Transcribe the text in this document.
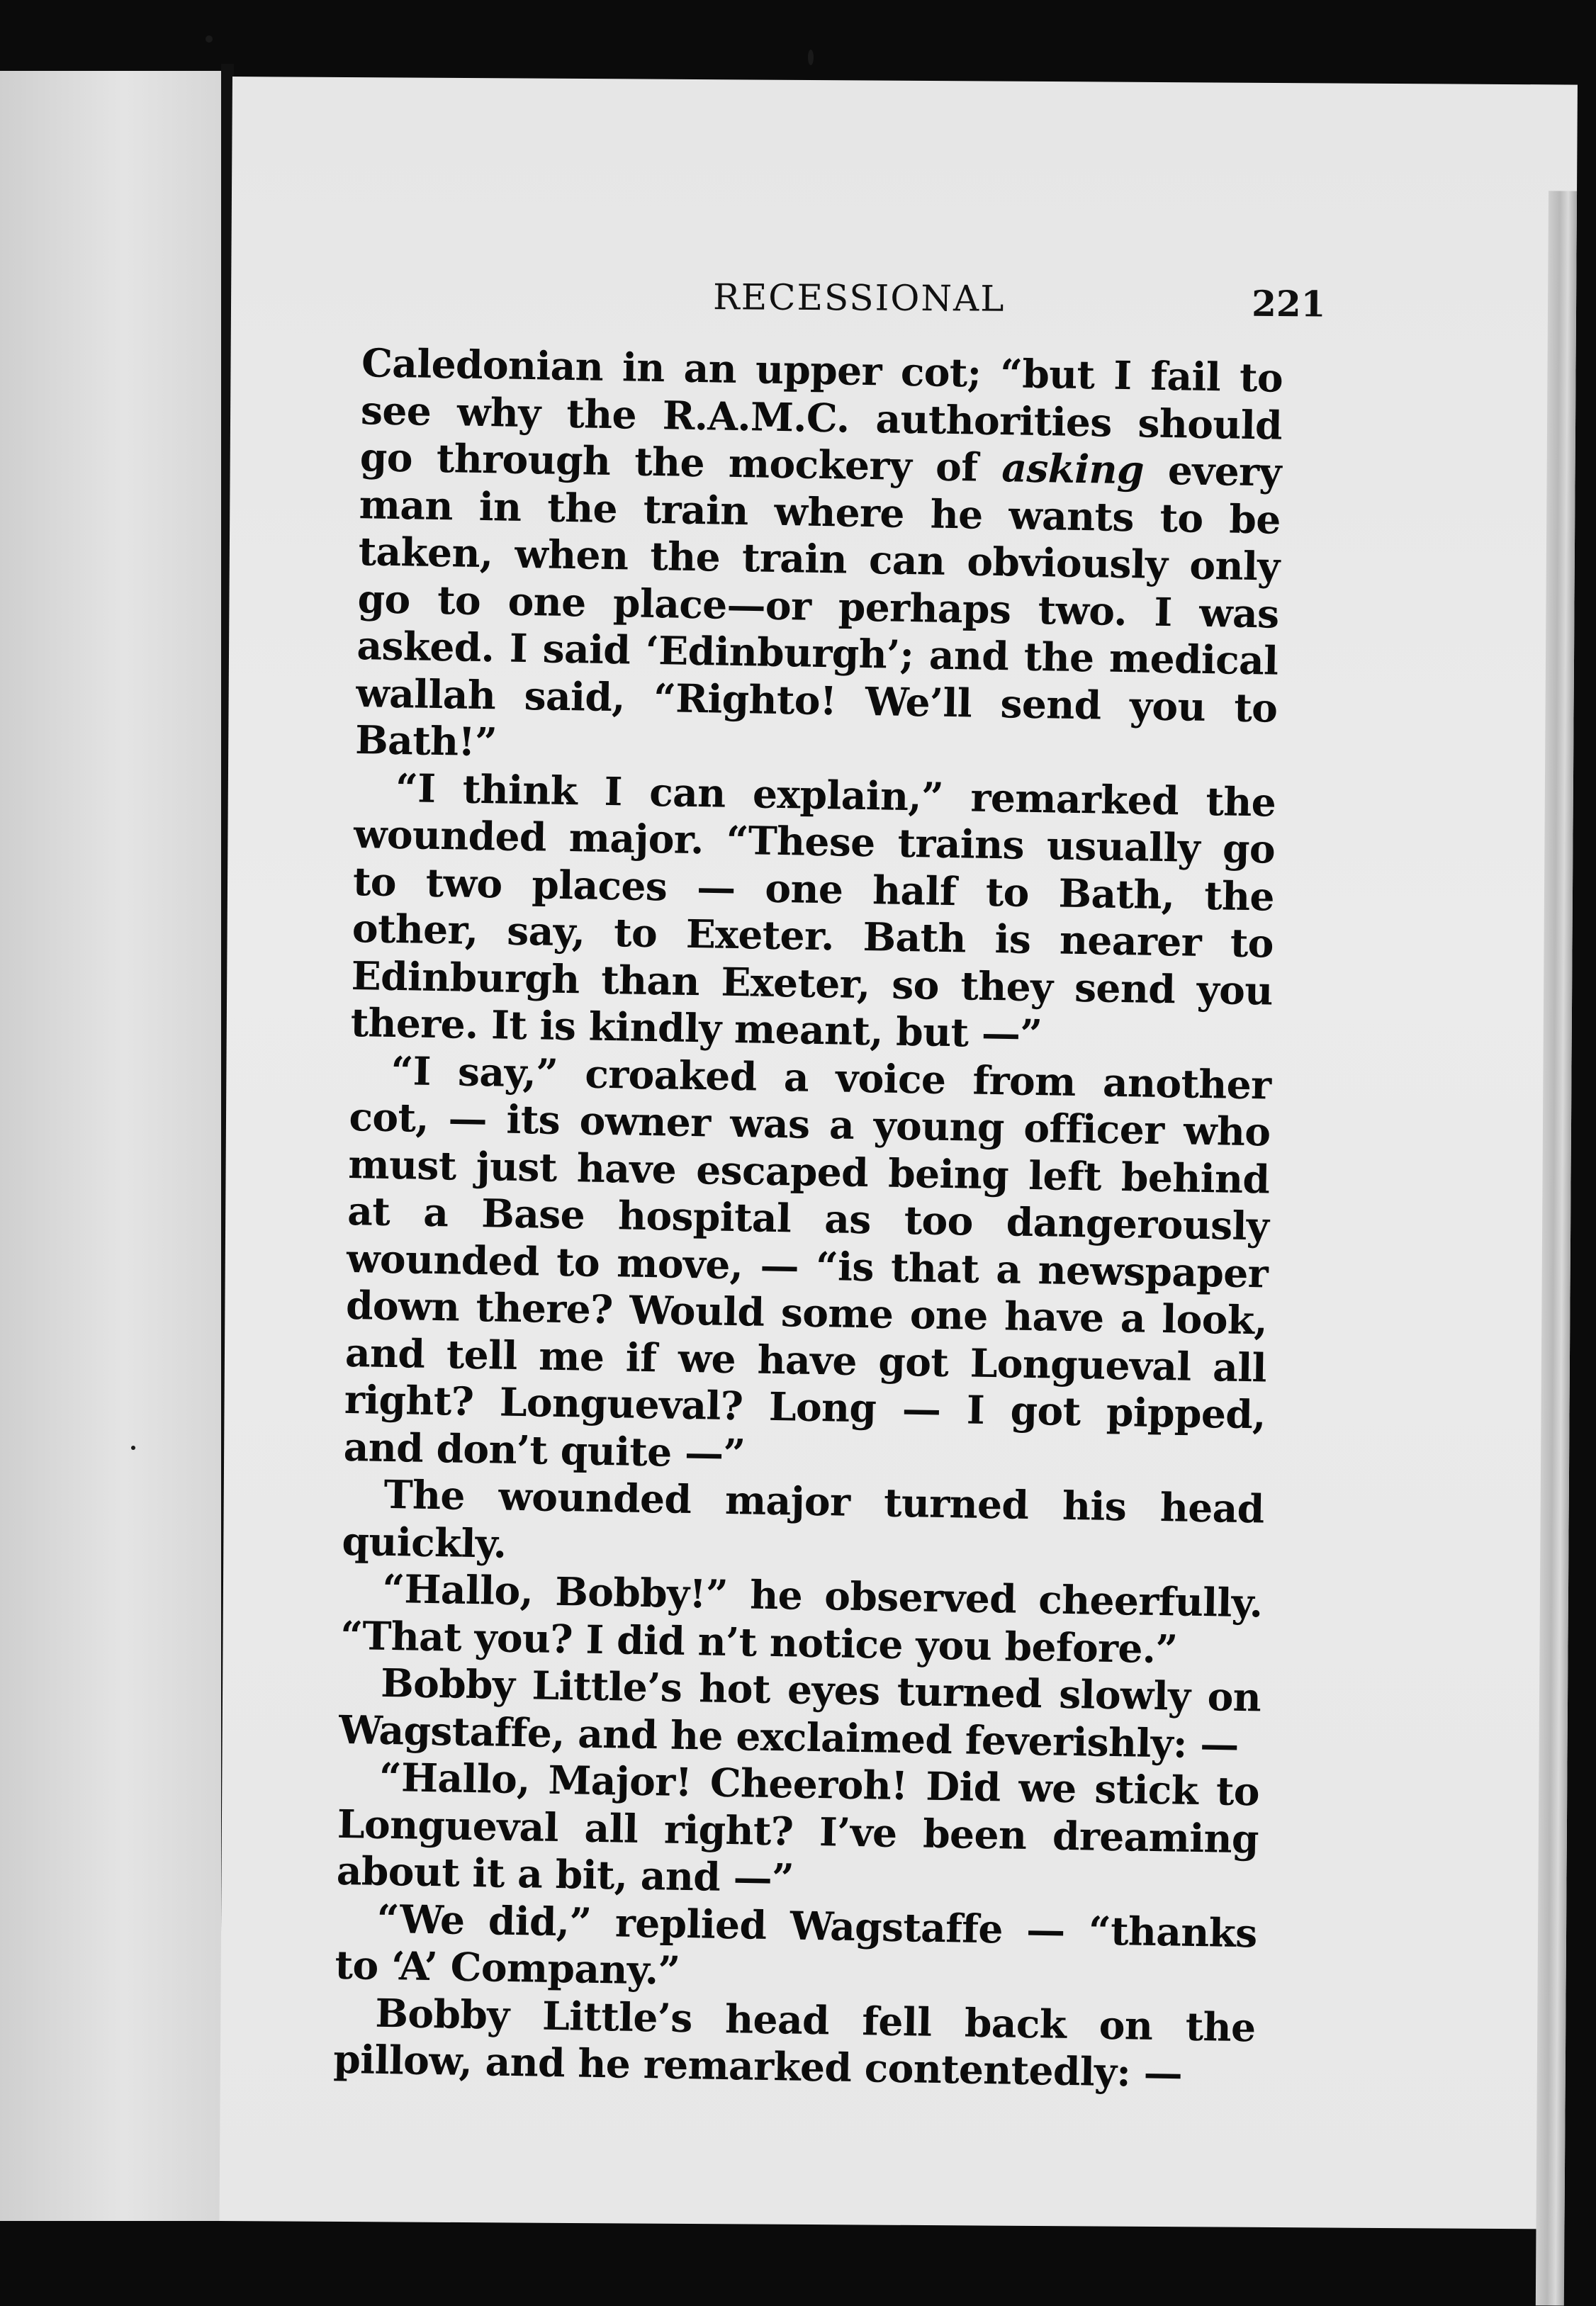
RECESSIONAL	221

Caledonian in an upper cot; “but I fail to see why the R.A.M.C. authorities should go through the mockery of asking every man in the train where he wants to be taken, when the train can obviously only go to one place—or perhaps two. I was asked. I said ‘Edinburgh’; and the medical wallah said, “Righto! We’ll send you to Bath!”

“I think I can explain,” remarked the wounded major. “These trains usually go to two places — one half to Bath, the other, say, to Exeter. Bath is nearer to Edinburgh than Exeter, so they send you there. It is kindly meant, but —”

“I say,” croaked a voice from another cot, — its owner was a young officer who must just have escaped being left behind at a Base hospital as too dangerously wounded to move, — “is that a newspaper down there? Would some one have a look, and tell me if we have got Longueval all right? Longueval? Long — I got pipped, and don’t quite —”

The wounded major turned his head quickly.

“Hallo, Bobby!” he observed cheerfully. “That you? I did n’t notice you before.”

Bobby Little’s hot eyes turned slowly on Wagstaffe, and he exclaimed feverishly: —

“Hallo, Major! Cheeroh! Did we stick to Longueval all right? I’ve been dreaming about it a bit, and —”

“We did,” replied Wagstaffe — “thanks to ‘A’ Company.”

Bobby Little’s head fell back on the pillow, and he remarked contentedly: —
